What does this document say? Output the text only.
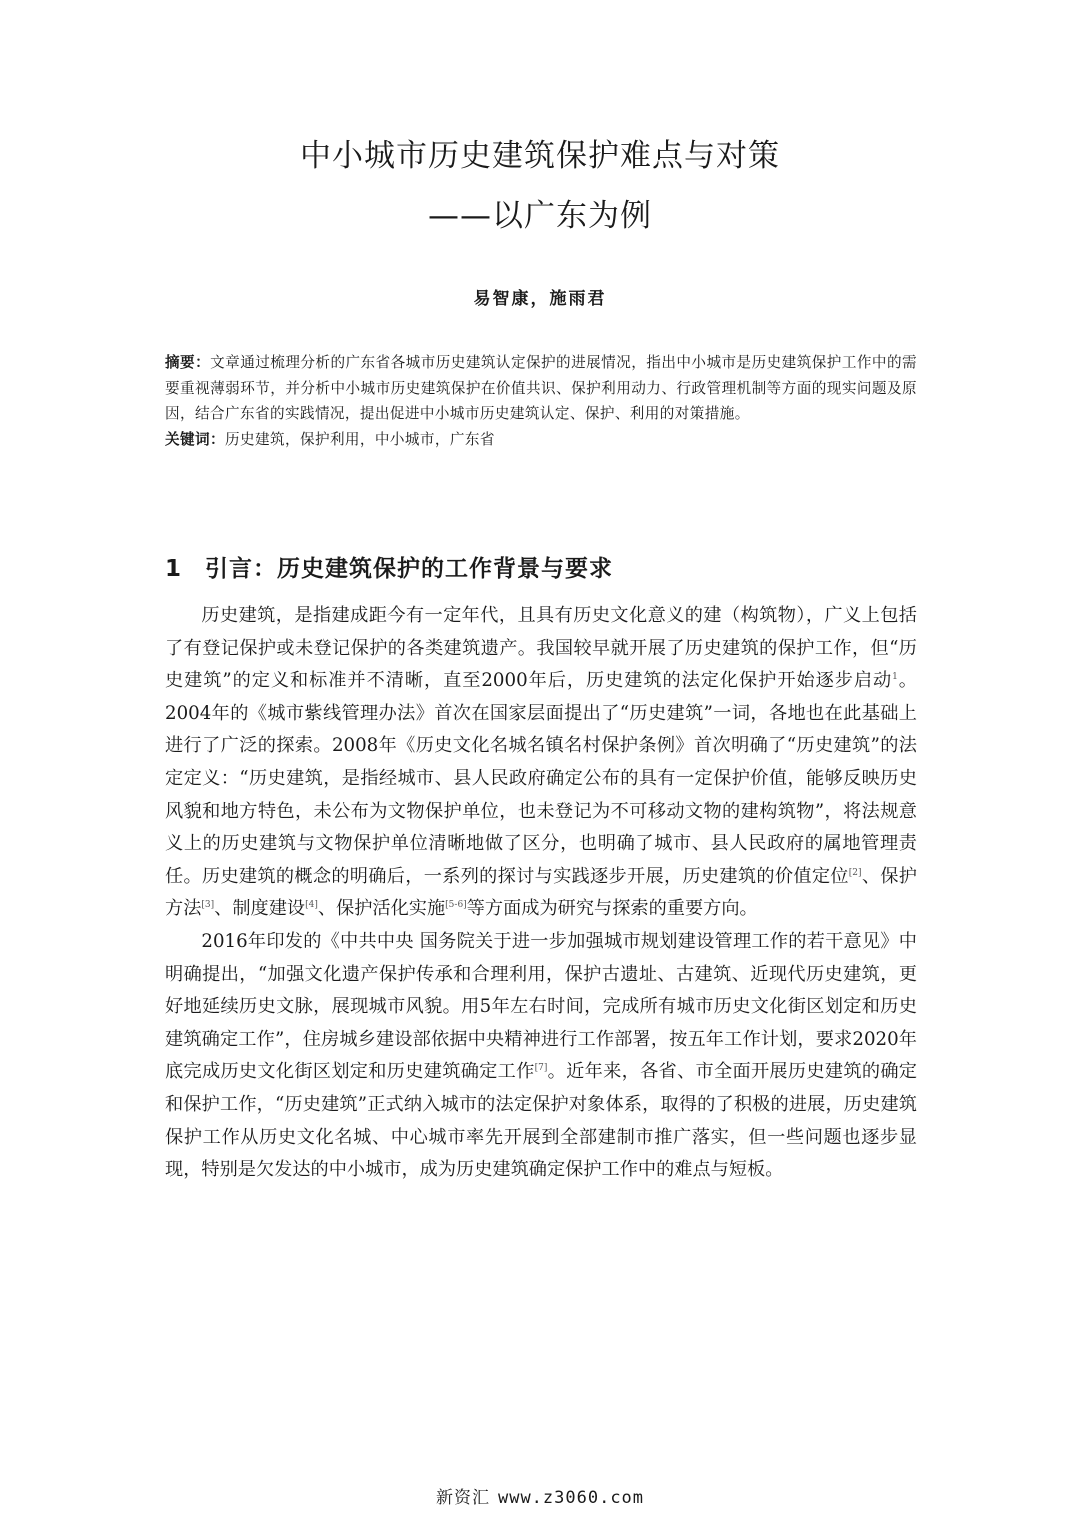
中小城市历史建筑保护难点与对策
——以广东为例
易智康，施雨君

摘要：文章通过梳理分析的广东省各城市历史建筑认定保护的进展情况，指出中小城市是历史建筑保护工作中的需要重视薄弱环节，并分析中小城市历史建筑保护在价值共识、保护利用动力、行政管理机制等方面的现实问题及原因，结合广东省的实践情况，提出促进中小城市历史建筑认定、保护、利用的对策措施。

关键词：历史建筑，保护利用，中小城市，广东省

1 引言：历史建筑保护的工作背景与要求

历史建筑，是指建成距今有一定年代，且具有历史文化意义的建（构筑物），广义上包括了有登记保护或未登记保护的各类建筑遗产。我国较早就开展了历史建筑的保护工作，但“历史建筑”的定义和标准并不清晰，直至2000年后，历史建筑的法定化保护开始逐步启动$^1$。2004年的《城市紫线管理办法》首次在国家层面提出了“历史建筑”一词，各地也在此基础上进行了广泛的探索。2008年《历史文化名城名镇名村保护条例》首次明确了“历史建筑”的法定定义：“历史建筑，是指经城市、县人民政府确定公布的具有一定保护价值，能够反映历史风貌和地方特色，未公布为文物保护单位，也未登记为不可移动文物的建构筑物”，将法规意义上的历史建筑与文物保护单位清晰地做了区分，也明确了城市、县人民政府的属地管理责任。历史建筑的概念的明确后，一系列的探讨与实践逐步开展，历史建筑的价值定位[2]、保护方法[3]、制度建设[4]、保护活化实施[5-6]等方面成为研究与探索的重要方向。

2016年印发的《中共中央 国务院关于进一步加强城市规划建设管理工作的若干意见》中明确提出，“加强文化遗产保护传承和合理利用，保护古遗址、古建筑、近现代历史建筑，更好地延续历史文脉，展现城市风貌。用5年左右时间，完成所有城市历史文化街区划定和历史建筑确定工作”，住房城乡建设部依据中央精神进行工作部署，按五年工作计划，要求2020年底完成历史文化街区划定和历史建筑确定工作[7]。近年来，各省、市全面开展历史建筑的确定和保护工作，“历史建筑”正式纳入城市的法定保护对象体系，取得的了积极的进展，历史建筑保护工作从历史文化名城、中心城市率先开展到全部建制市推广落实，但一些问题也逐步显现，特别是欠发达的中小城市，成为历史建筑确定保护工作中的难点与短板。

新资汇 www.z3060.com
